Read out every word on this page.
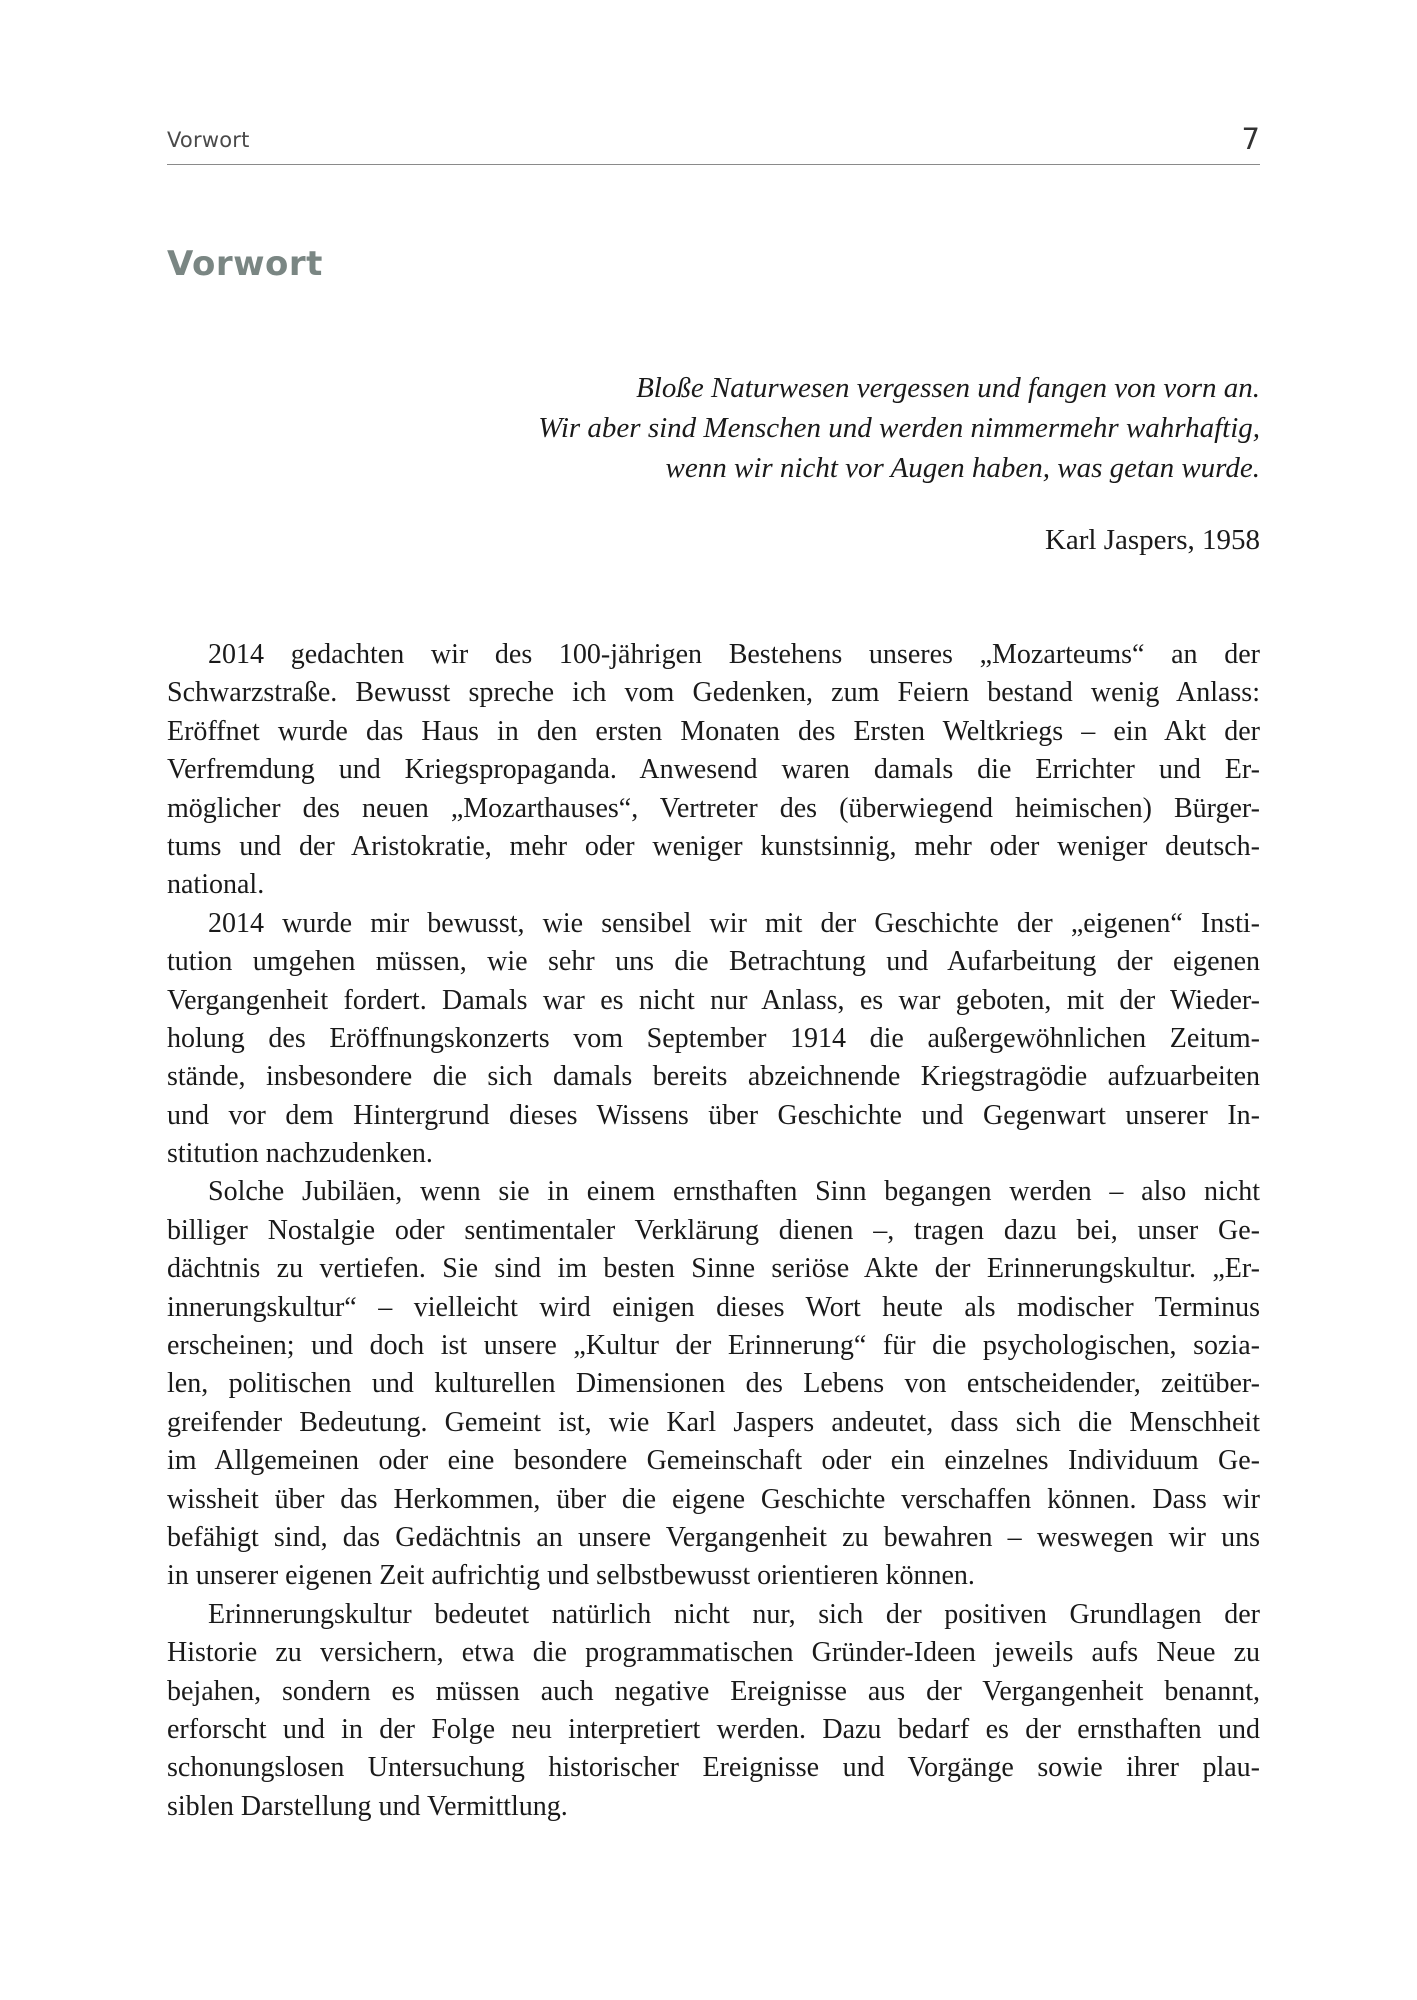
Vorwort	7
Vorwort
Bloße Naturwesen vergessen und fangen von vorn an.
Wir aber sind Menschen und werden nimmermehr wahrhaftig,
wenn wir nicht vor Augen haben, was getan wurde.
Karl Jaspers, 1958
2014 gedachten wir des 100-jährigen Bestehens unseres „Mozarteums“ an der
Schwarzstraße. Bewusst spreche ich vom Gedenken, zum Feiern bestand wenig Anlass:
Eröffnet wurde das Haus in den ersten Monaten des Ersten Weltkriegs – ein Akt der
Verfremdung und Kriegspropaganda. Anwesend waren damals die Errichter und Er-
möglicher des neuen „Mozarthauses“, Vertreter des (überwiegend heimischen) Bürger-
tums und der Aristokratie, mehr oder weniger kunstsinnig, mehr oder weniger deutsch-
national.
2014 wurde mir bewusst, wie sensibel wir mit der Geschichte der „eigenen“ Insti-
tution umgehen müssen, wie sehr uns die Betrachtung und Aufarbeitung der eigenen
Vergangenheit fordert. Damals war es nicht nur Anlass, es war geboten, mit der Wieder-
holung des Eröffnungskonzerts vom September 1914 die außergewöhnlichen Zeitum-
stände, insbesondere die sich damals bereits abzeichnende Kriegstragödie aufzuarbeiten
und vor dem Hintergrund dieses Wissens über Geschichte und Gegenwart unserer In-
stitution nachzudenken.
Solche Jubiläen, wenn sie in einem ernsthaften Sinn begangen werden – also nicht
billiger Nostalgie oder sentimentaler Verklärung dienen –, tragen dazu bei, unser Ge-
dächtnis zu vertiefen. Sie sind im besten Sinne seriöse Akte der Erinnerungskultur. „Er-
innerungskultur“ – vielleicht wird einigen dieses Wort heute als modischer Terminus
erscheinen; und doch ist unsere „Kultur der Erinnerung“ für die psychologischen, sozia-
len, politischen und kulturellen Dimensionen des Lebens von entscheidender, zeitüber-
greifender Bedeutung. Gemeint ist, wie Karl Jaspers andeutet, dass sich die Menschheit
im Allgemeinen oder eine besondere Gemeinschaft oder ein einzelnes Individuum Ge-
wissheit über das Herkommen, über die eigene Geschichte verschaffen können. Dass wir
befähigt sind, das Gedächtnis an unsere Vergangenheit zu bewahren – weswegen wir uns
in unserer eigenen Zeit aufrichtig und selbstbewusst orientieren können.
Erinnerungskultur bedeutet natürlich nicht nur, sich der positiven Grundlagen der
Historie zu versichern, etwa die programmatischen Gründer-Ideen jeweils aufs Neue zu
bejahen, sondern es müssen auch negative Ereignisse aus der Vergangenheit benannt,
erforscht und in der Folge neu interpretiert werden. Dazu bedarf es der ernsthaften und
schonungslosen Untersuchung historischer Ereignisse und Vorgänge sowie ihrer plau-
siblen Darstellung und Vermittlung.
